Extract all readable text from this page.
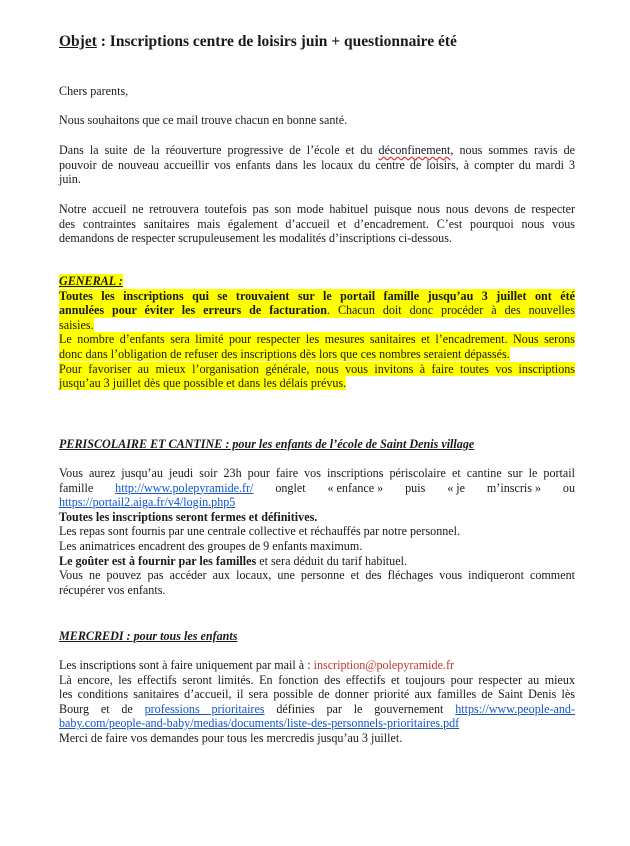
Objet : Inscriptions centre de loisirs juin + questionnaire été
Chers parents,
Nous souhaitons que ce mail trouve chacun en bonne santé.
Dans la suite de la réouverture progressive de l’école et du déconfinement, nous sommes ravis de
pouvoir de nouveau accueillir vos enfants dans les locaux du centre de loisirs, à compter du mardi 3
juin.
Notre accueil ne retrouvera toutefois pas son mode habituel puisque nous nous devons de respecter
des contraintes sanitaires mais également d’accueil et d’encadrement. C’est pourquoi nous vous
demandons de respecter scrupuleusement les modalités d’inscriptions ci-dessous.
GENERAL :
Toutes les inscriptions qui se trouvaient sur le portail famille jusqu’au 3 juillet ont été
annulées pour éviter les erreurs de facturation. Chacun doit donc procéder à des nouvelles
saisies.
Le nombre d’enfants sera limité pour respecter les mesures sanitaires et l’encadrement. Nous serons
donc dans l’obligation de refuser des inscriptions dès lors que ces nombres seraient dépassés.
Pour favoriser au mieux l’organisation générale, nous vous invitons à faire toutes vos inscriptions
jusqu’au 3 juillet dès que possible et dans les délais prévus.
PERISCOLAIRE ET CANTINE : pour les enfants de l’école de Saint Denis village
Vous aurez jusqu’au jeudi soir 23h pour faire vos inscriptions périscolaire et cantine sur le portail
famille http://www.polepyramide.fr/ onglet « enfance » puis « je m’inscris » ou
https://portail2.aiga.fr/v4/login.php5
Toutes les inscriptions seront fermes et définitives.
Les repas sont fournis par une centrale collective et réchauffés par notre personnel.
Les animatrices encadrent des groupes de 9 enfants maximum.
Le goûter est à fournir par les familles et sera déduit du tarif habituel.
Vous ne pouvez pas accéder aux locaux, une personne et des fléchages vous indiqueront comment
récupérer vos enfants.
MERCREDI : pour tous les enfants
Les inscriptions sont à faire uniquement par mail à : inscription@polepyramide.fr
Là encore, les effectifs seront limités. En fonction des effectifs et toujours pour respecter au mieux
les conditions sanitaires d’accueil, il sera possible de donner priorité aux familles de Saint Denis lès
Bourg et de professions prioritaires définies par le gouvernement https://www.people-and-
baby.com/people-and-baby/medias/documents/liste-des-personnels-prioritaires.pdf
Merci de faire vos demandes pour tous les mercredis jusqu’au 3 juillet.
